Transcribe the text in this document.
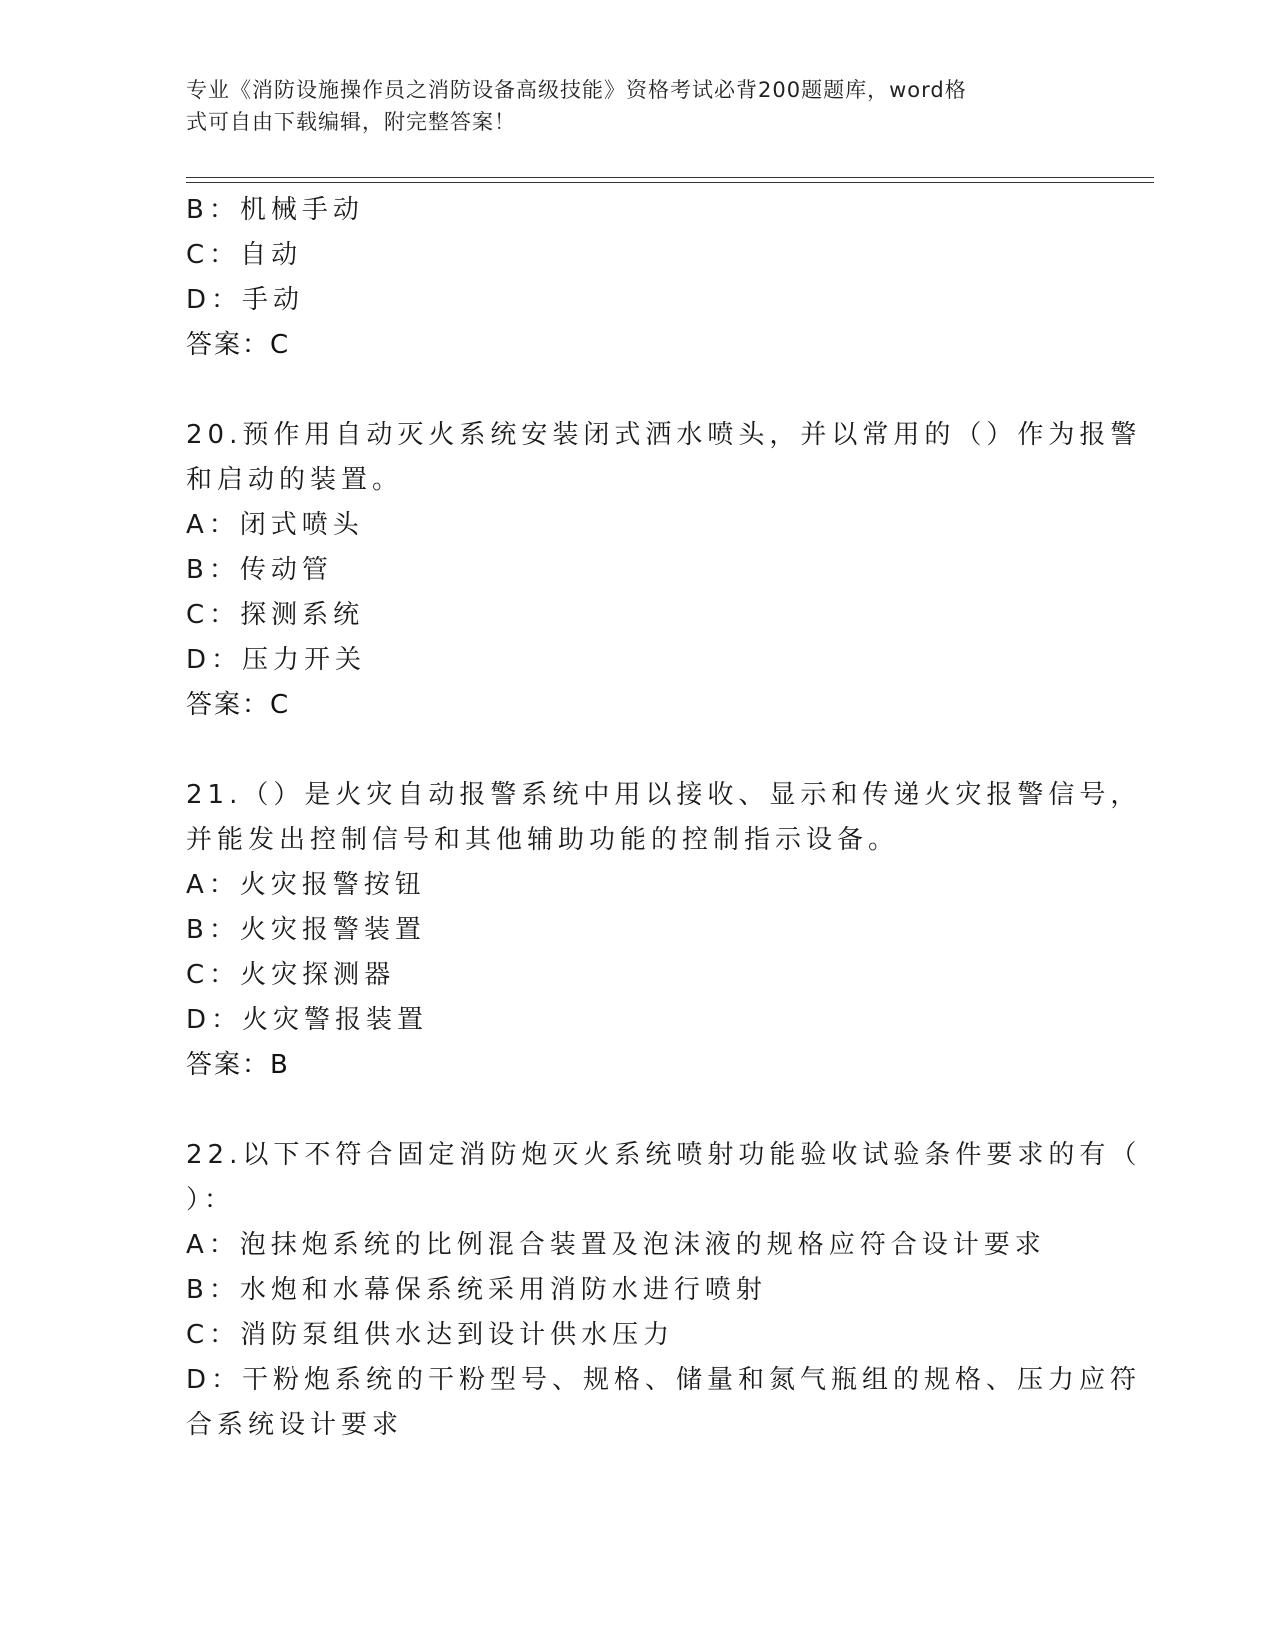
专业《消防设施操作员之消防设备高级技能》资格考试必背200题题库，word格
式可自由下载编辑，附完整答案！
B：机械手动
C：自动
D：手动
答案：C
20.预作用自动灭火系统安装闭式洒水喷头，并以常用的（）作为报警
和启动的装置。
A：闭式喷头
B：传动管
C：探测系统
D：压力开关
答案：C
21.（）是火灾自动报警系统中用以接收、显示和传递火灾报警信号，
并能发出控制信号和其他辅助功能的控制指示设备。
A：火灾报警按钮
B：火灾报警装置
C：火灾探测器
D：火灾警报装置
答案：B
22.以下不符合固定消防炮灭火系统喷射功能验收试验条件要求的有（
）：
A：泡抹炮系统的比例混合装置及泡沫液的规格应符合设计要求
B：水炮和水幕保系统采用消防水进行喷射
C：消防泵组供水达到设计供水压力
D：干粉炮系统的干粉型号、规格、储量和氮气瓶组的规格、压力应符
合系统设计要求
